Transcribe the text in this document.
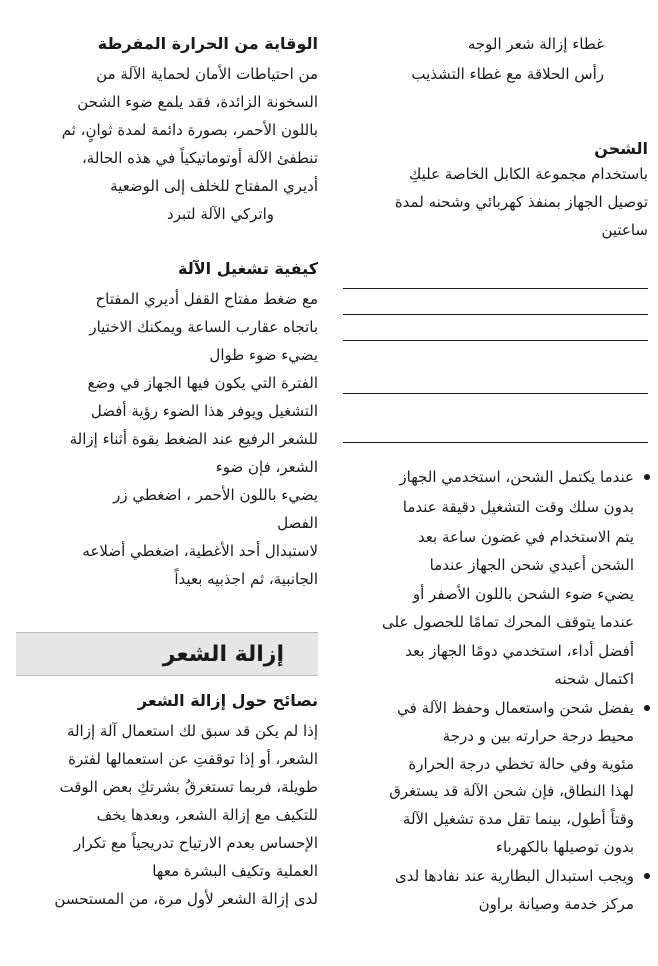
غطاء إزالة شعر الوجه
رأس الحلاقة مع غطاء التشذيب
الشحن
باستخدام مجموعة الكابل الخاصة عليكِ
توصيل الجهاز بمنفذ كهربائي وشحنه لمدة
ساعتين
عندما يكتمل الشحن، استخدمي الجهاز
بدون سلك وقت التشغيل دقيقة عندما
يتم الاستخدام في غضون ساعة بعد
الشحن أعيدي شحن الجهاز عندما
يضيء ضوء الشحن باللون الأصفر أو
عندما يتوقف المحرك تمامًا للحصول على
أفضل أداء، استخدمي دومًا الجهاز بعد
اكتمال شحنه
يفضل شحن واستعمال وحفظ الآلة في
محيط درجة حرارته بين و درجة
مئوية وفي حالة تخطي درجة الحرارة
لهذا النطاق، فإن شحن الآلة قد يستغرق
وقتاً أطول، بينما تقل مدة تشغيل الآلة
بدون توصيلها بالكهرباء
ويجب استبدال البطارية عند نفادها لدى
مركز خدمة وصيانة براون
الوقاية من الحرارة المفرطة
من احتياطات الأمان لحماية الآلة من
السخونة الزائدة، فقد يلمع ضوء الشحن
باللون الأحمر، بصورة دائمة لمدة ثوانٍ، ثم
تنطفئ الآلة أوتوماتيكياً في هذه الحالة،
أديري المفتاح للخلف إلى الوضعية
واتركي الآلة لتبرد
كيفية تشغيل الآلة
مع ضغط مفتاح القفل أديري المفتاح
باتجاه عقارب الساعة ويمكنك الاختيار
يضيء ضوء طوال
الفترة التي يكون فيها الجهاز في وضع
التشغيل ويوفر هذا الضوء رؤية أفضل
للشعر الرفيع عند الضغط بقوة أثناء إزالة
الشعر، فإن ضوء
يضيء باللون الأحمر ، اضغطي زر
الفصل
لاستبدال أحد الأغطية، اضغطي أضلاعه
الجانبية، ثم اجذبيه بعيداً
إزالة الشعر
نصائح حول إزالة الشعر
إذا لم يكن قد سبق لك استعمال آلة إزالة
الشعر، أو إذا توقفتِ عن استعمالها لفترة
طويلة، فربما تستغرقُ بشرتكِ بعض الوقت
للتكيف مع إزالة الشعر، وبعدها يخف
الإحساس بعدم الارتياح تدريجياً مع تكرار
العملية وتكيف البشرة معها
لدى إزالة الشعر لأول مرة، من المستحسن
